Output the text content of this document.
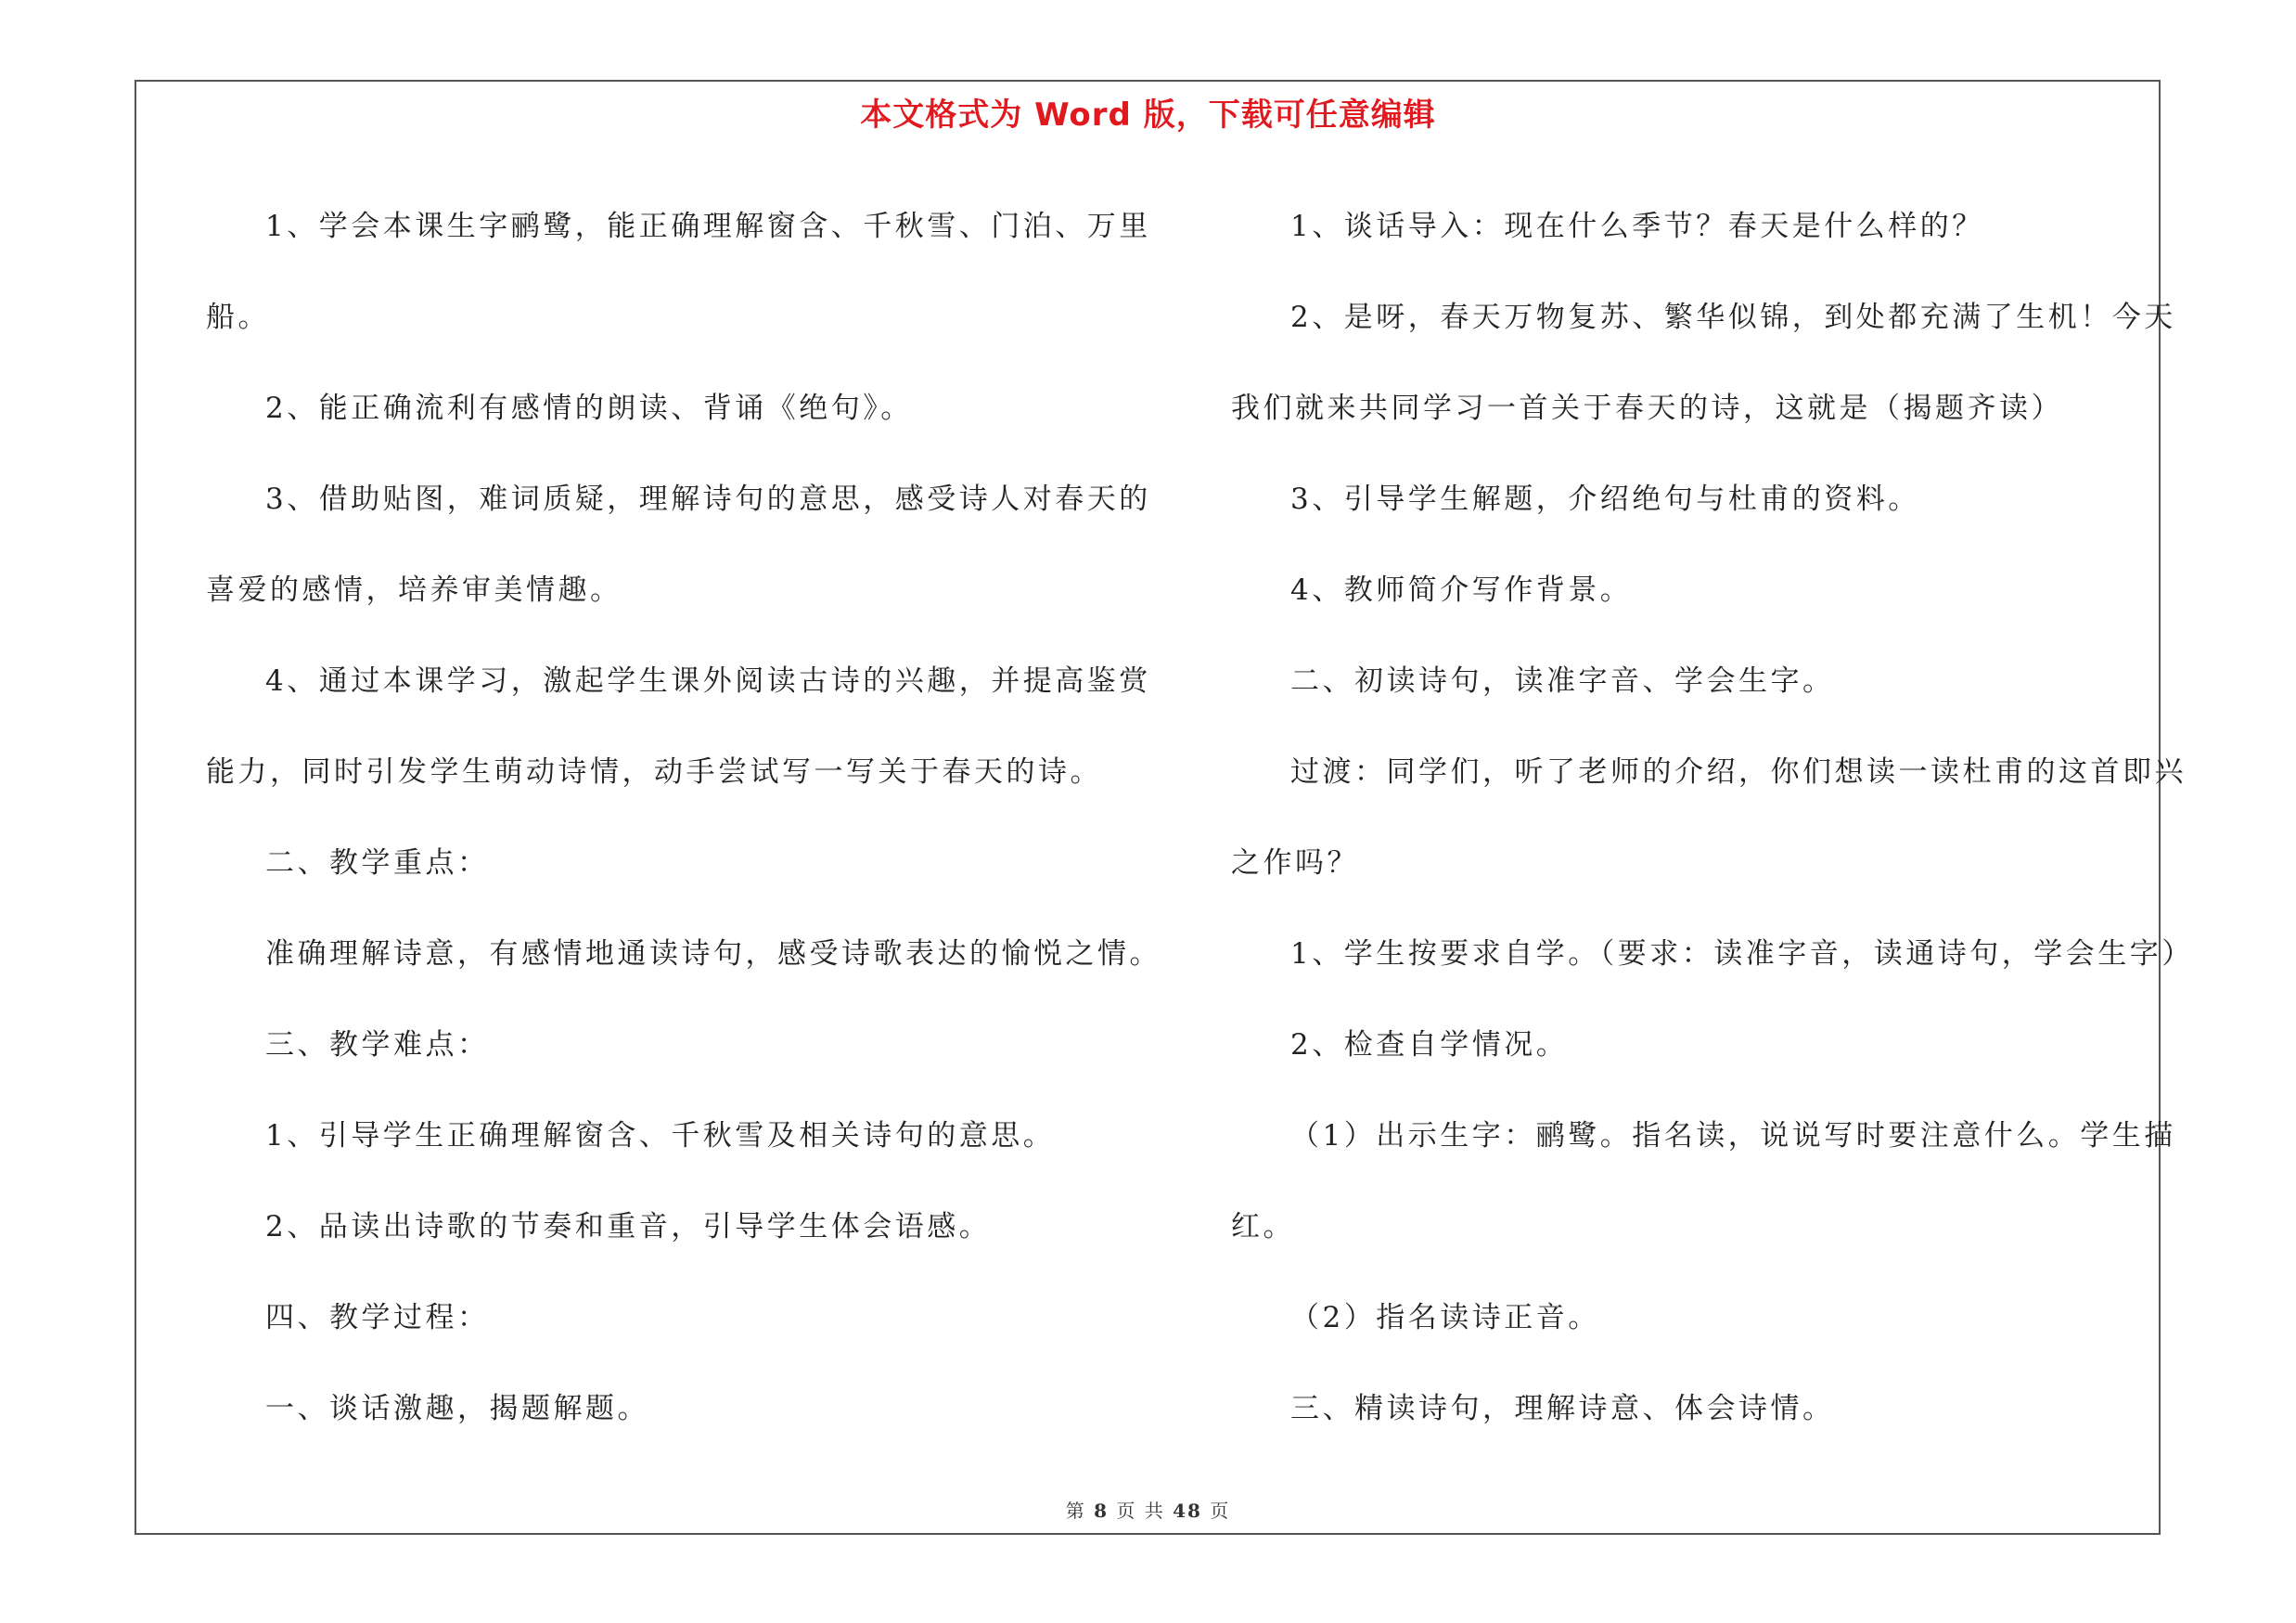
本文格式为 Word 版，下载可任意编辑
1、学会本课生字鹂鹭，能正确理解窗含、千秋雪、门泊、万里
船。
2、能正确流利有感情的朗读、背诵《绝句》。
3、借助贴图，难词质疑，理解诗句的意思，感受诗人对春天的
喜爱的感情，培养审美情趣。
4、通过本课学习，激起学生课外阅读古诗的兴趣，并提高鉴赏
能力，同时引发学生萌动诗情，动手尝试写一写关于春天的诗。
二、教学重点：
准确理解诗意，有感情地通读诗句，感受诗歌表达的愉悦之情。
三、教学难点：
1、引导学生正确理解窗含、千秋雪及相关诗句的意思。
2、品读出诗歌的节奏和重音，引导学生体会语感。
四、教学过程：
一、谈话激趣，揭题解题。
1、谈话导入：现在什么季节？春天是什么样的？
2、是呀，春天万物复苏、繁华似锦，到处都充满了生机！今天
我们就来共同学习一首关于春天的诗，这就是（揭题齐读）
3、引导学生解题，介绍绝句与杜甫的资料。
4、教师简介写作背景。
二、初读诗句，读准字音、学会生字。
过渡：同学们，听了老师的介绍，你们想读一读杜甫的这首即兴
之作吗？
1、学生按要求自学。（要求：读准字音，读通诗句，学会生字）
2、检查自学情况。
（1）出示生字：鹂鹭。指名读，说说写时要注意什么。学生描
红。
（2）指名读诗正音。
三、精读诗句，理解诗意、体会诗情。
第 8 页 共 48 页
